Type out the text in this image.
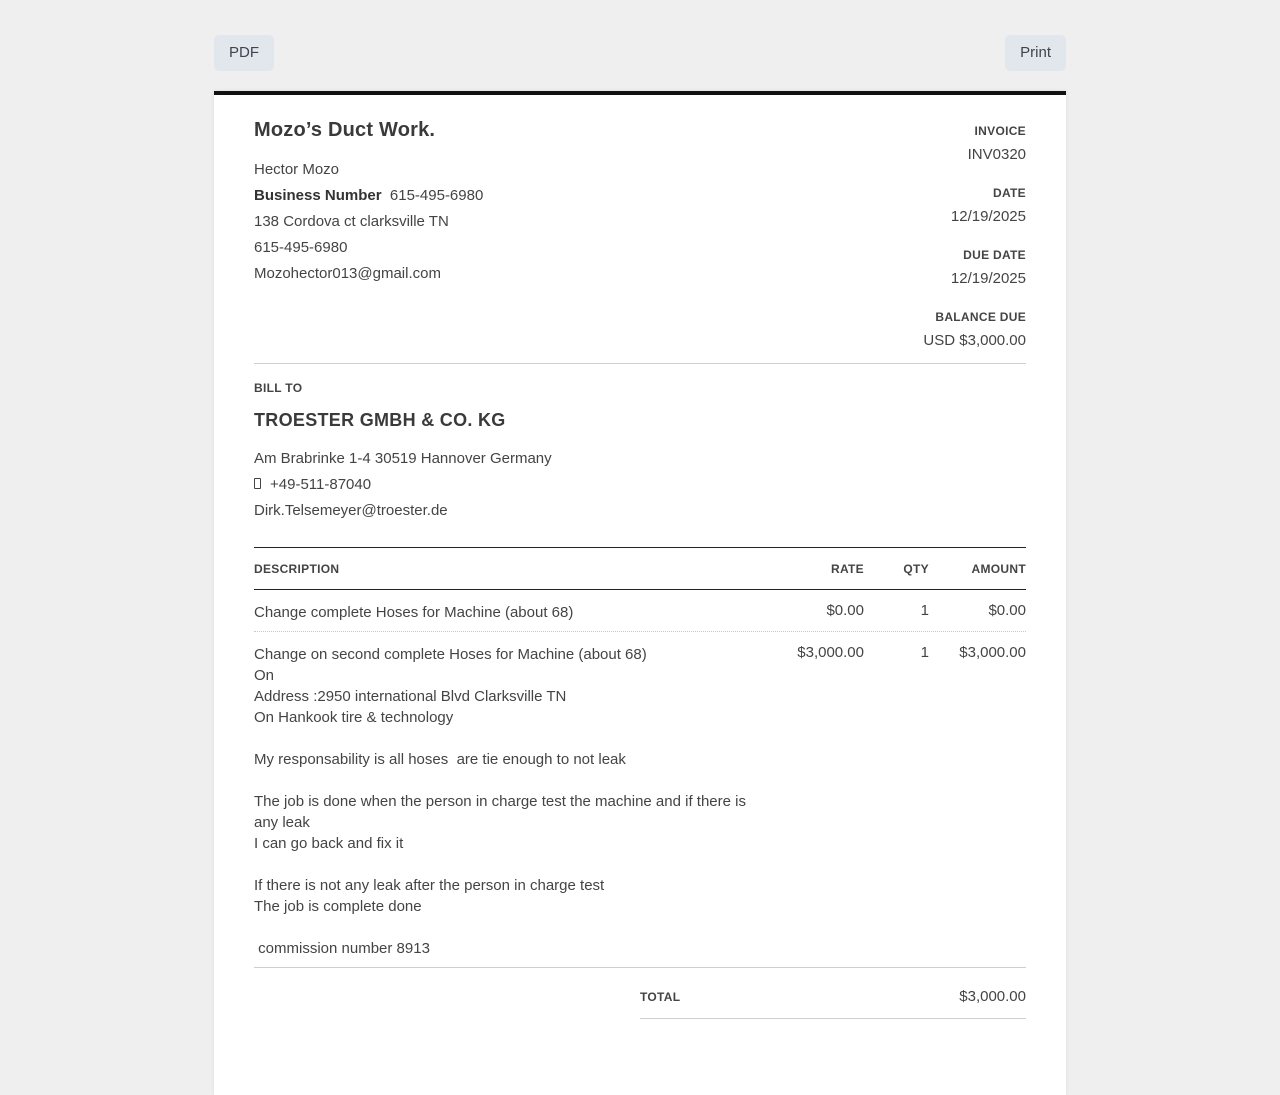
PDF	Print
Mozo’s Duct Work.
Hector Mozo
Business Number 615-495-6980
138 Cordova ct clarksville TN
615-495-6980
Mozohector013@gmail.com
INVOICE
INV0320
DATE
12/19/2025
DUE DATE
12/19/2025
BALANCE DUE
USD $3,000.00
BILL TO
TROESTER GMBH & CO. KG
Am Brabrinke 1-4 30519 Hannover Germany
+49-511-87040
Dirk.Telsemeyer@troester.de
DESCRIPTION	RATE	QTY	AMOUNT
Change complete Hoses for Machine (about 68)	$0.00	1	$0.00
Change on second complete Hoses for Machine (about 68)
On
Address :2950 international Blvd Clarksville TN
On Hankook tire & technology

My responsability is all hoses  are tie enough to not leak

The job is done when the person in charge test the machine and if there is any leak
I can go back and fix it

If there is not any leak after the person in charge test
The job is complete done

commission number 8913
$3,000.00	1 $3,000.00
TOTAL	$3,000.00
